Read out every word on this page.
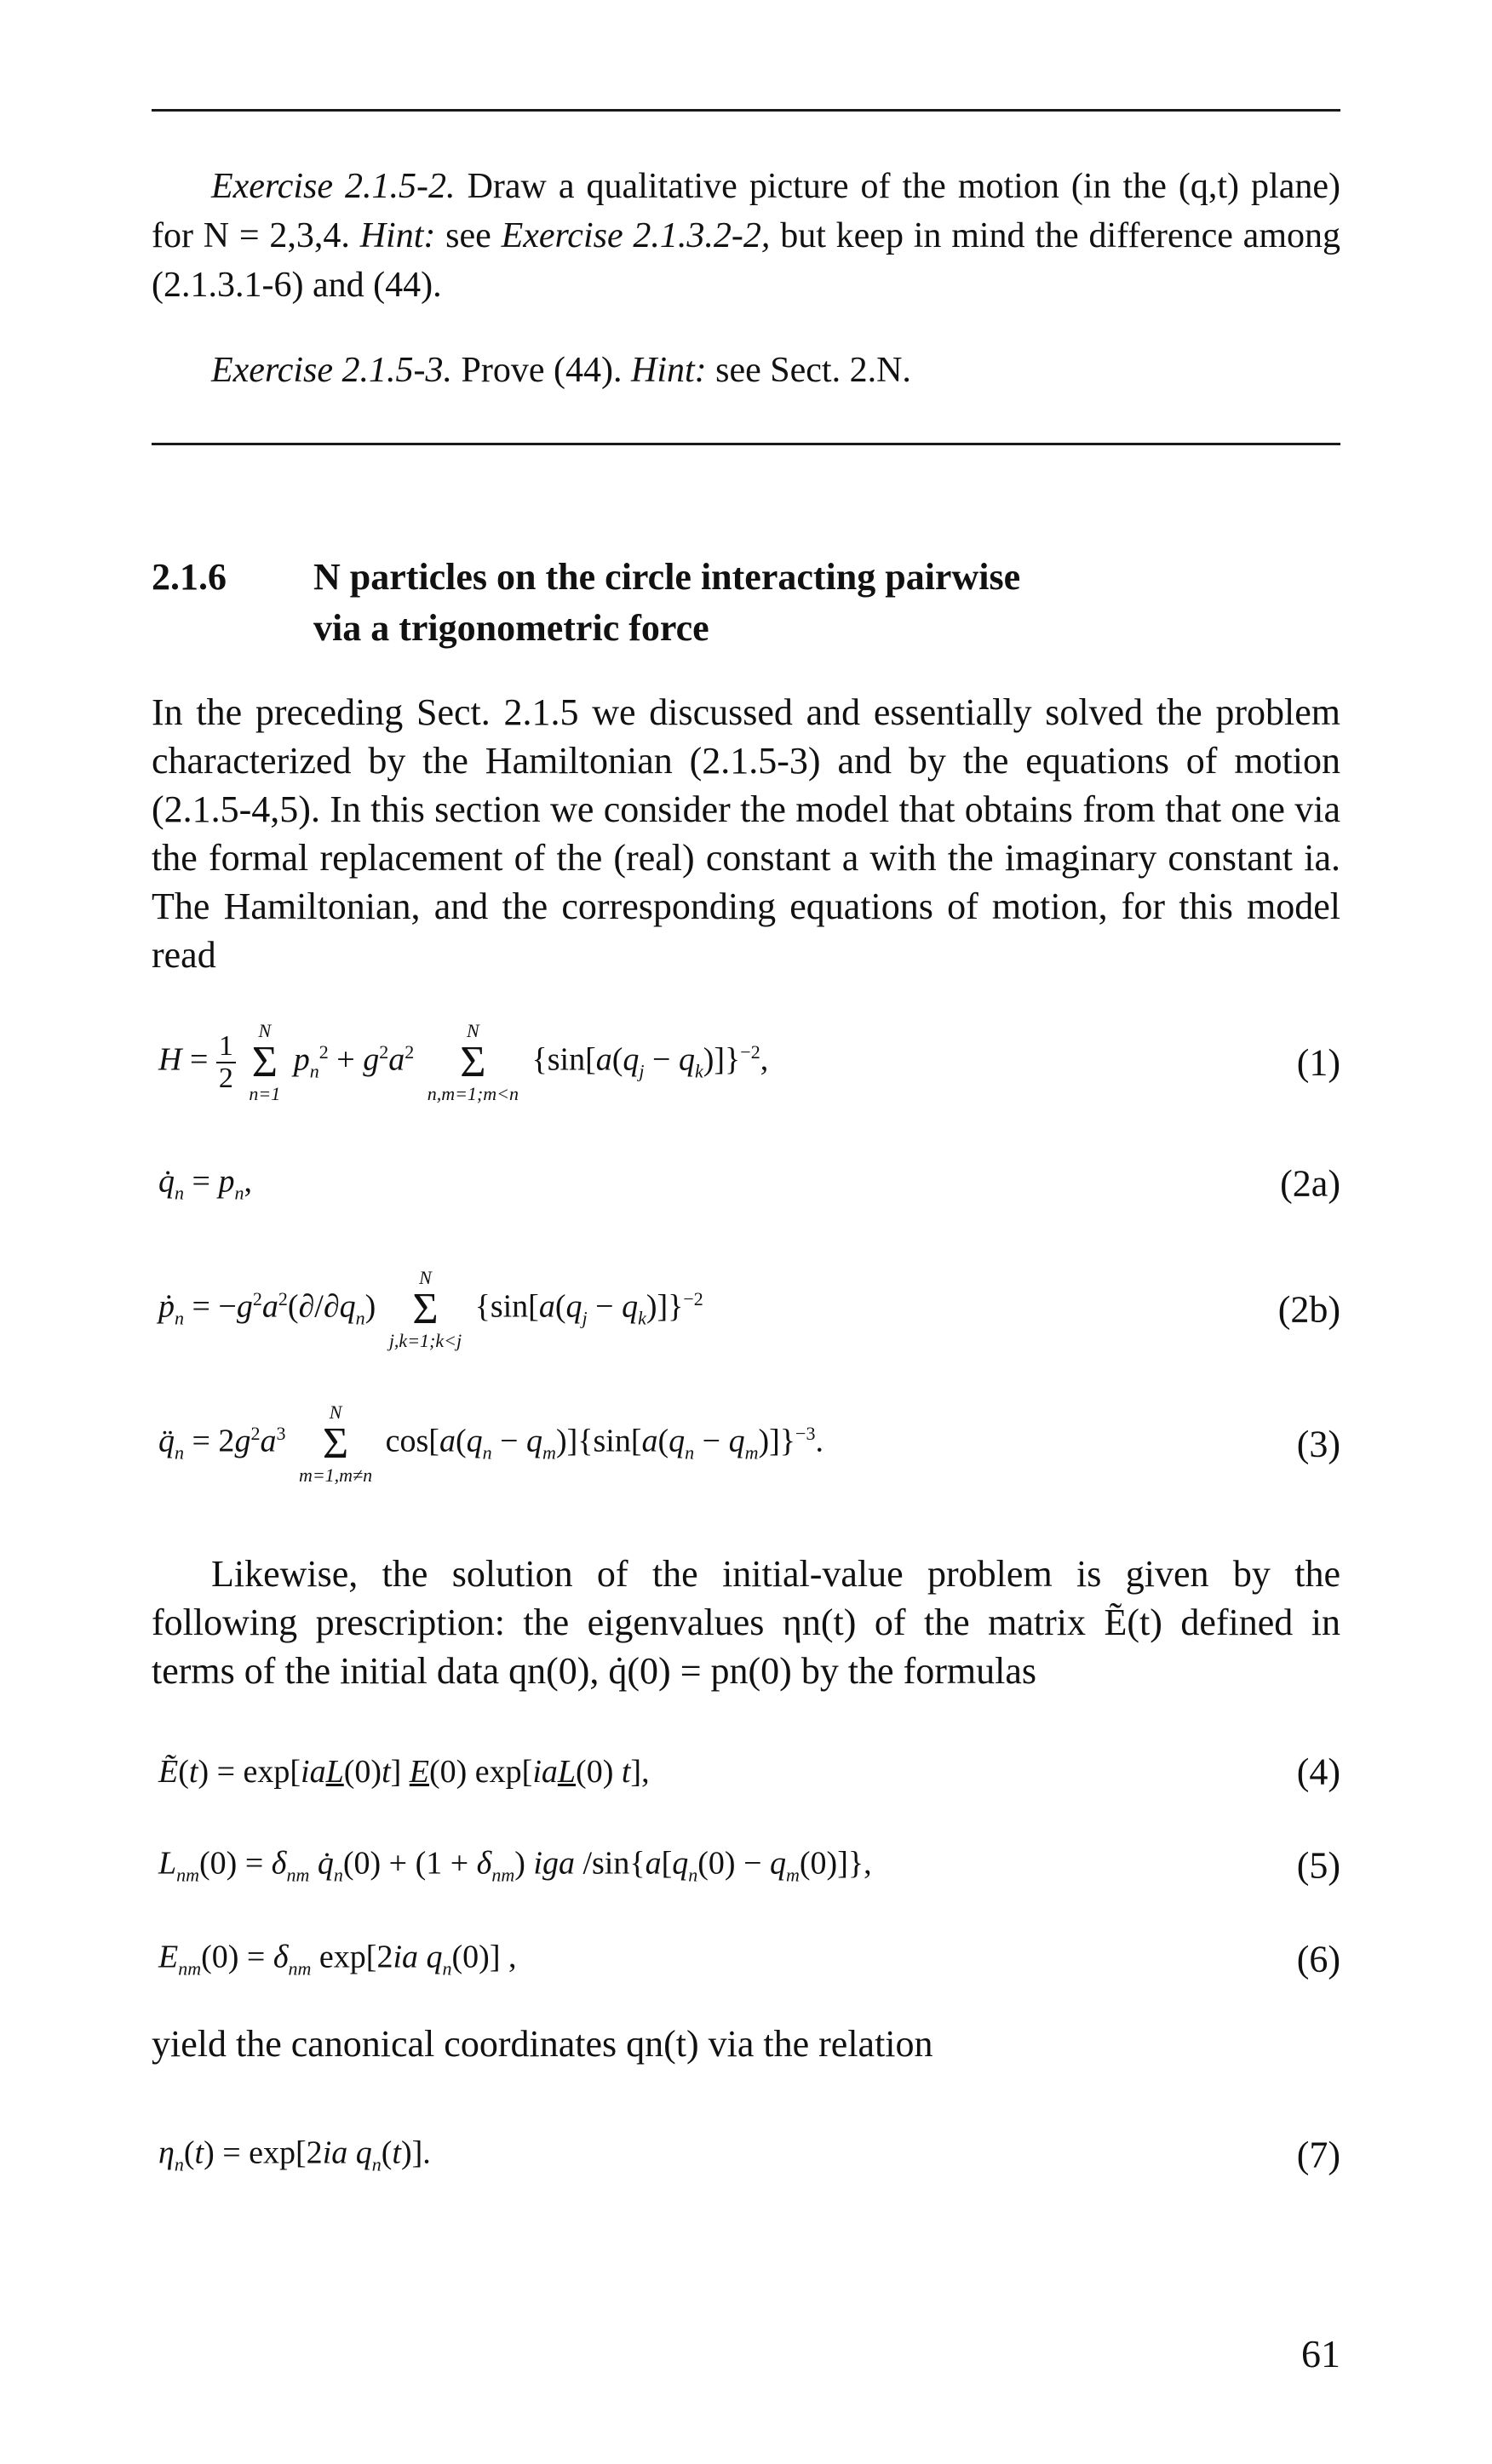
Exercise 2.1.5-2. Draw a qualitative picture of the motion (in the (q,t) plane) for N = 2,3,4. Hint: see Exercise 2.1.3.2-2, but keep in mind the difference among (2.1.3.1-6) and (44).

Exercise 2.1.5-3. Prove (44). Hint: see Sect. 2.N.

2.1.6 N particles on the circle interacting pairwise
via a trigonometric force

In the preceding Sect. 2.1.5 we discussed and essentially solved the problem characterized by the Hamiltonian (2.1.5-3) and by the equations of motion (2.1.5-4,5). In this section we consider the model that obtains from that one via the formal replacement of the (real) constant a with the imaginary constant ia. The Hamiltonian, and the corresponding equations of motion, for this model read

$H = \frac{1}{2}$

N
Σ
n=1
$p_n^2 + g^2a^2$
N
Σ
n,m=1;m<n
$\{\sin[a(q_j - q_k)]\}^{-2}$,	(1)
$q̇_n = p_n$,	(2a)
ṗ$_n$ = $-g^2a^2(\partial/\partial q_n)$
N
Σ
j,k=1;k<j
$\{\sin[a(q_j - q_k)]\}^{-2}$	(2b)
$q̈_n = 2g^2a^3$
N
Σ
m=1,m≠n
$\cos[a(q_n - q_m)]\{\sin[a(q_n - q_m)]\}^{-3}$.	(3)

Likewise, the solution of the initial-value problem is given by the following prescription: the eigenvalues ηn(t) of the matrix Ẽ(t) defined in terms of the initial data qn(0), q̇(0) = pn(0) by the formulas

Ẽ(t) = exp[iaL(0)t] E(0) exp[iaL(0) t],	(4)
$L_{nm}(0) = \delta_{nm}$ $q̇_n(0) + (1 + \delta_{nm})$ iga $/\sin\{a[q_n(0) - q_m(0)]\}$,	(5)
$E_{nm}(0) = \delta_{nm}$ exp[2ia $q_n(0)$] ,	(6)

yield the canonical coordinates qn(t) via the relation

$\eta_n(t) = \exp[2ia$ $q_n(t)$].	(7)
61
